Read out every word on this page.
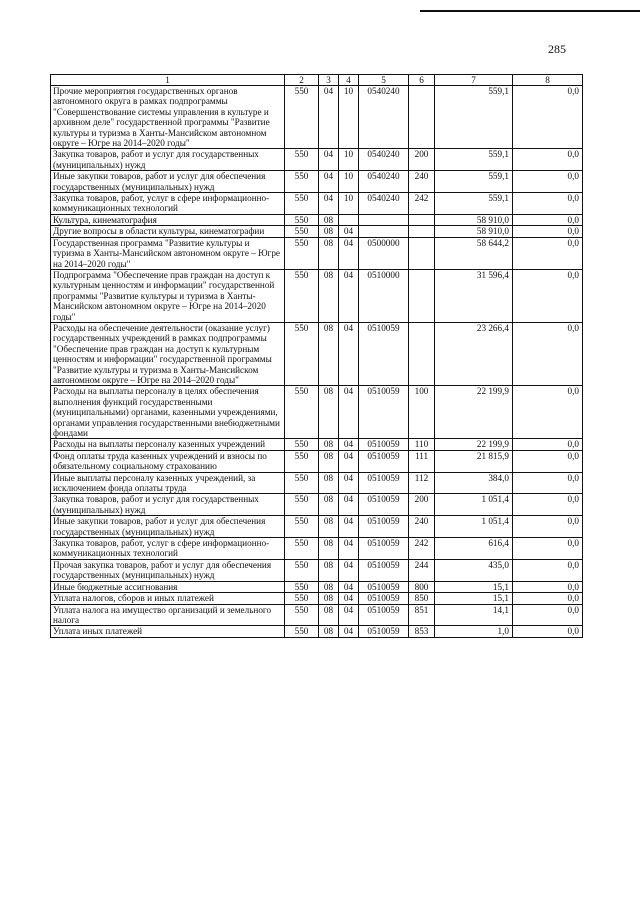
285
1	2	3	4	5	6	7	8
Прочие мероприятия государственных органов автономного округа в рамках подпрограммы "Совершенствование системы управления в культуре и архивном деле" государственной программы "Развитие культуры и туризма в Ханты-Мансийском автономном округе – Югре на 2014–2020 годы"	550	04	10	0540240		559,1	0,0
Закупка товаров, работ и услуг для государственных (муниципальных) нужд	550	04	10	0540240	200	559,1	0,0
Иные закупки товаров, работ и услуг для обеспечения государственных (муниципальных) нужд	550	04	10	0540240	240	559,1	0,0
Закупка товаров, работ, услуг в сфере информационно-коммуникационных технологий	550	04	10	0540240	242	559,1	0,0
Культура, кинематография	550	08				58 910,0	0,0
Другие вопросы в области культуры, кинематографии	550	08	04			58 910,0	0,0
Государственная программа "Развитие культуры и туризма в Ханты-Мансийском автономном округе – Югре на 2014–2020 годы"	550	08	04	0500000		58 644,2	0,0
Подпрограмма "Обеспечение прав граждан на доступ к культурным ценностям и информации" государственной программы "Развитие культуры и туризма в Ханты-Мансийском автономном округе – Югре на 2014–2020 годы"	550	08	04	0510000		31 596,4	0,0
Расходы на обеспечение деятельности (оказание услуг) государственных учреждений в рамках подпрограммы "Обеспечение прав граждан на доступ к культурным ценностям и информации" государственной программы "Развитие культуры и туризма в Ханты-Мансийском автономном округе – Югре на 2014–2020 годы"	550	08	04	0510059		23 266,4	0,0
Расходы на выплаты персоналу в целях обеспечения выполнения функций государственными (муниципальными) органами, казенными учреждениями, органами управления государственными внебюджетными фондами	550	08	04	0510059	100	22 199,9	0,0
Расходы на выплаты персоналу казенных учреждений	550	08	04	0510059	110	22 199,9	0,0
Фонд оплаты труда казенных учреждений и взносы по обязательному социальному страхованию	550	08	04	0510059	111	21 815,9	0,0
Иные выплаты персоналу казенных учреждений, за исключением фонда оплаты труда	550	08	04	0510059	112	384,0	0,0
Закупка товаров, работ и услуг для государственных (муниципальных) нужд	550	08	04	0510059	200	1 051,4	0,0
Иные закупки товаров, работ и услуг для обеспечения государственных (муниципальных) нужд	550	08	04	0510059	240	1 051,4	0,0
Закупка товаров, работ, услуг в сфере информационно-коммуникационных технологий	550	08	04	0510059	242	616,4	0,0
Прочая закупка товаров, работ и услуг для обеспечения государственных (муниципальных) нужд	550	08	04	0510059	244	435,0	0,0
Иные бюджетные ассигнования	550	08	04	0510059	800	15,1	0,0
Уплата налогов, сборов и иных платежей	550	08	04	0510059	850	15,1	0,0
Уплата налога на имущество организаций и земельного налога	550	08	04	0510059	851	14,1	0,0
Уплата иных платежей	550	08	04	0510059	853	1,0	0,0
